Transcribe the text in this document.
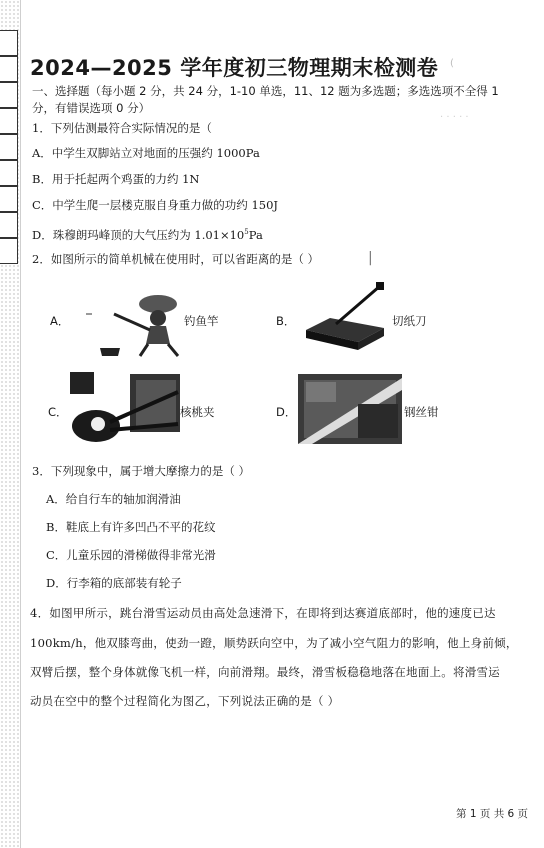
2024—2025 学年度初三物理期末检测卷 (
· · · · ·
一、选择题（每小题 2 分，共 24 分，1-10 单选，11、12 题为多选题；多选选项不全得 1
分，有错误选项 0 分）
1．下列估测最符合实际情况的是（
A．中学生双脚站立对地面的压强约 1000Pa
B．用于托起两个鸡蛋的力约 1N
C．中学生爬一层楼克服自身重力做的功约 150J
D．珠穆朗玛峰顶的大气压约为 $1.01\times 10^5Pa$
2．如图所示的简单机械在使用时，可以省距离的是（ ）	|
A．	钓鱼竿	B．	切纸刀
C．	核桃夹	D．	钢丝钳
3．下列现象中，属于增大摩擦力的是（ ）
A．给自行车的轴加润滑油
B．鞋底上有许多凹凸不平的花纹
C．儿童乐园的滑梯做得非常光滑
D．行李箱的底部装有轮子
4．如图甲所示，跳台滑雪运动员由高处急速滑下，在即将到达赛道底部时，他的速度已达
100km/h，他双膝弯曲，使劲一蹬，顺势跃向空中，为了减小空气阻力的影响，他上身前倾，
双臂后摆，整个身体就像飞机一样，向前滑翔。最终，滑雪板稳稳地落在地面上。将滑雪运
动员在空中的整个过程简化为图乙，下列说法正确的是（ ）
第 1 页 共 6 页
